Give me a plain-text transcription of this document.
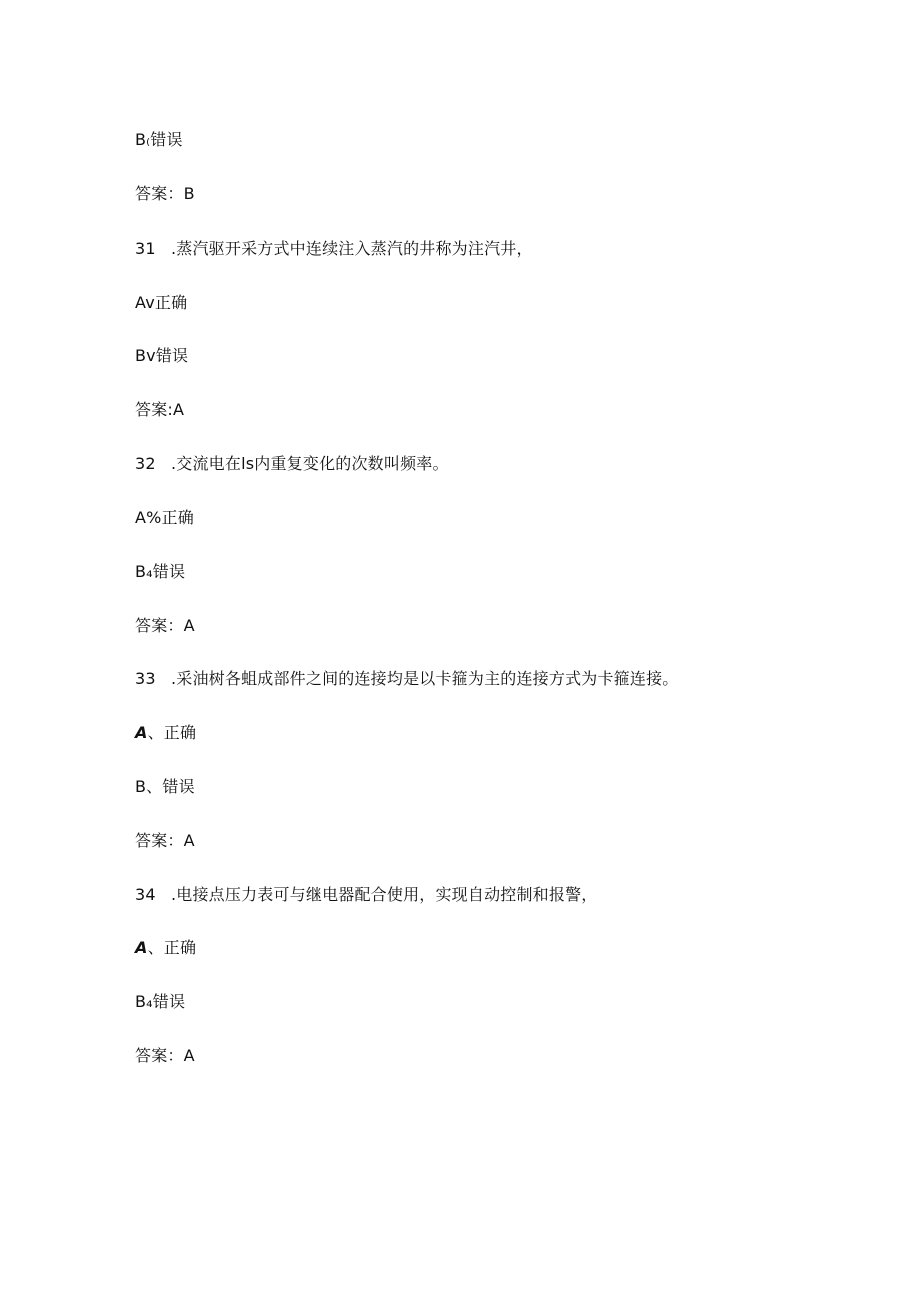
B₍错误
答案：B
31 .蒸汽驱开采方式中连续注入蒸汽的井称为注汽井，
Av正确
Bv错误
答案:A
32 .交流电在ls内重复变化的次数叫频率。
A%正确
B₄错误
答案：A
33 .采油树各蛆成部件之间的连接均是以卡箍为主的连接方式为卡箍连接。
A、正确
B、错误
答案：A
34 .电接点压力表可与继电器配合使用，实现自动控制和报警，
A、正确
B₄错误
答案：A
